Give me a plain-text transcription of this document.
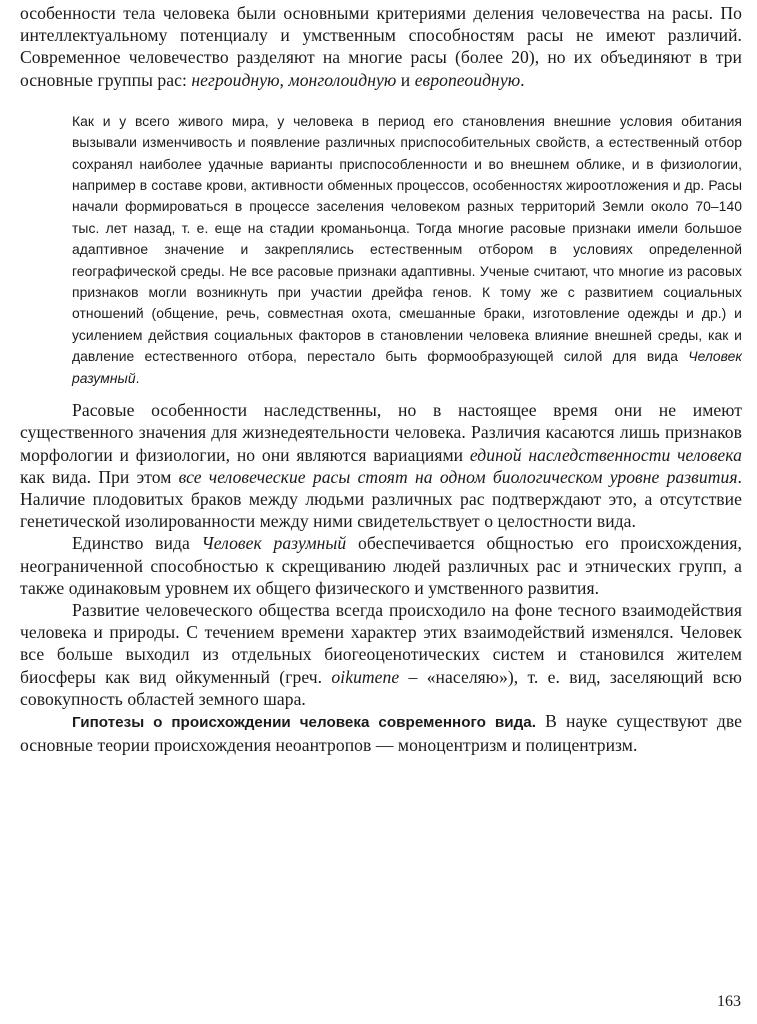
особенности тела человека были основными критериями деления человечества на расы. По интеллектуальному потенциалу и умственным способностям расы не имеют различий. Современное человечество разделяют на многие расы (более 20), но их объединяют в три основные группы рас: негроидную, монголоидную и европеоидную.

Как и у всего живого мира, у человека в период его становления внешние условия обитания вызывали изменчивость и появление различных приспособительных свойств, а естественный отбор сохранял наиболее удачные варианты приспособленности и во внешнем облике, и в физиологии, например в составе крови, активности обменных процессов, особенностях жироотложения и др. Расы начали формироваться в процессе заселения человеком разных территорий Земли около 70–140 тыс. лет назад, т. е. еще на стадии кроманьонца. Тогда многие расовые признаки имели большое адаптивное значение и закреплялись естественным отбором в условиях определенной географической среды. Не все расовые признаки адаптивны. Ученые считают, что многие из расовых признаков могли возникнуть при участии дрейфа генов. К тому же с развитием социальных отношений (общение, речь, совместная охота, смешанные браки, изготовление одежды и др.) и усилением действия социальных факторов в становлении человека влияние внешней среды, как и давление естественного отбора, перестало быть формообразующей силой для вида Человек разумный.

Расовые особенности наследственны, но в настоящее время они не имеют существенного значения для жизнедеятельности человека. Различия касаются лишь признаков морфологии и физиологии, но они являются вариациями единой наследственности человека как вида. При этом все человеческие расы стоят на одном биологическом уровне развития. Наличие плодовитых браков между людьми различных рас подтверждают это, а отсутствие генетической изолированности между ними свидетельствует о целостности вида.

Единство вида Человек разумный обеспечивается общностью его происхождения, неограниченной способностью к скрещиванию людей различных рас и этнических групп, а также одинаковым уровнем их общего физического и умственного развития.

Развитие человеческого общества всегда происходило на фоне тесного взаимодействия человека и природы. С течением времени характер этих взаимодействий изменялся. Человек все больше выходил из отдельных биогеоценотических систем и становился жителем биосферы как вид ойкуменный (греч. oikumene – «населяю»), т. е. вид, заселяющий всю совокупность областей земного шара.

Гипотезы о происхождении человека современного вида. В науке существуют две основные теории происхождения неоантропов — моноцентризм и полицентризм.

163
